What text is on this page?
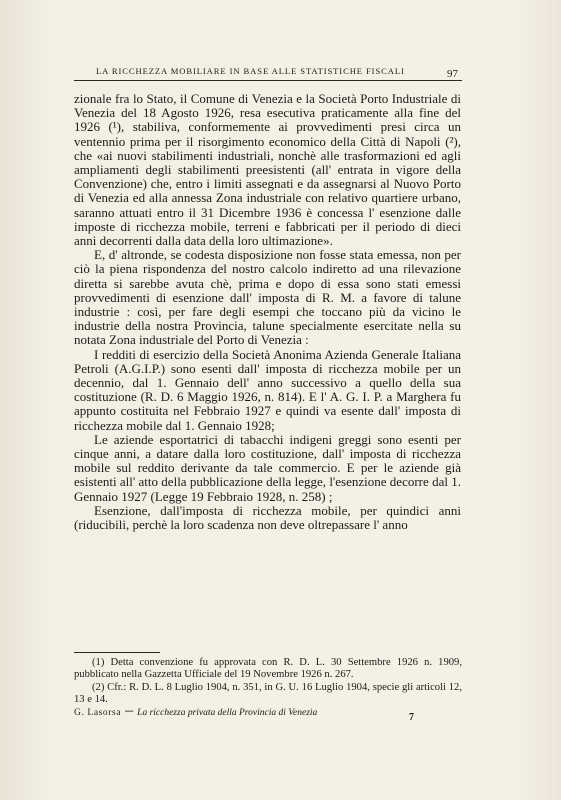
LA RICCHEZZA MOBILIARE IN BASE ALLE STATISTICHE FISCALI	97

zionale fra lo Stato, il Comune di Venezia e la Società Porto Industriale di Venezia del 18 Agosto 1926, resa esecutiva praticamente alla fine del 1926 (¹), stabiliva, conformemente ai provvedimenti presi circa un ventennio prima per il risorgimento economico della Città di Napoli (²), che «ai nuovi stabilimenti industriali, nonchè alle trasformazioni ed agli ampliamenti degli stabilimenti preesistenti (all' entrata in vigore della Convenzione) che, entro i limiti assegnati e da assegnarsi al Nuovo Porto di Venezia ed alla annessa Zona industriale con relativo quartiere urbano, saranno attuati entro il 31 Dicembre 1936 è concessa l' esenzione dalle imposte di ricchezza mobile, terreni e fabbricati per il periodo di dieci anni decorrenti dalla data della loro ultimazione».

E, d' altronde, se codesta disposizione non fosse stata emessa, non per ciò la piena rispondenza del nostro calcolo indiretto ad una rilevazione diretta si sarebbe avuta chè, prima e dopo di essa sono stati emessi provvedimenti di esenzione dall' imposta di R. M. a favore di talune industrie : così, per fare degli esempi che toccano più da vicino le industrie della nostra Provincia, talune specialmente esercitate nella su notata Zona industriale del Porto di Venezia :

I redditi di esercizio della Società Anonima Azienda Generale Italiana Petroli (A.G.I.P.) sono esenti dall' imposta di ricchezza mobile per un decennio, dal 1. Gennaio dell' anno successivo a quello della sua costituzione (R. D. 6 Maggio 1926, n. 814). E l' A. G. I. P. a Marghera fu appunto costituita nel Febbraio 1927 e quindi va esente dall' imposta di ricchezza mobile dal 1. Gennaio 1928;

Le aziende esportatrici di tabacchi indigeni greggi sono esenti per cinque anni, a datare dalla loro costituzione, dall' imposta di ricchezza mobile sul reddito derivante da tale commercio. E per le aziende già esistenti all' atto della pubblicazione della legge, l'esenzione decorre dal 1. Gennaio 1927 (Legge 19 Febbraio 1928, n. 258) ;

Esenzione, dall'imposta di ricchezza mobile, per quindici anni (riducibili, perchè la loro scadenza non deve oltrepassare l' anno

(1) Detta convenzione fu approvata con R. D. L. 30 Settembre 1926 n. 1909, pubblicato nella Gazzetta Ufficiale del 19 Novembre 1926 n. 267.

(2) Cfr.: R. D. L. 8 Luglio 1904, n. 351, in G. U. 16 Luglio 1904, specie gli articoli 12, 13 e 14.

G. Lasorsa – La ricchezza privata della Provincia di Venezia	7
